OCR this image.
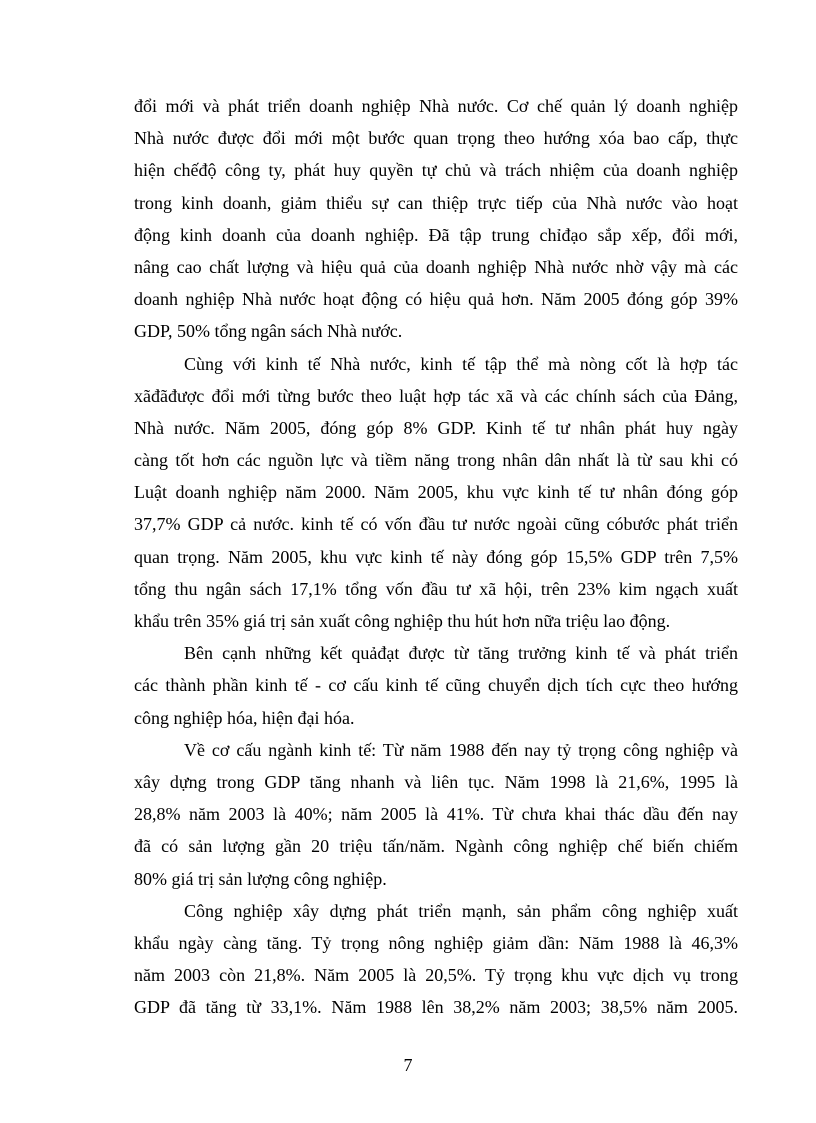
đổi mới và phát triển doanh nghiệp Nhà nước. Cơ chế quản lý doanh nghiệp
Nhà nước được đổi mới một bước quan trọng theo hướng xóa bao cấp, thực
hiện chếđộ công ty, phát huy quyền tự chủ và trách nhiệm của doanh nghiệp
trong kinh doanh, giảm thiểu sự can thiệp trực tiếp của Nhà nước vào hoạt
động kinh doanh của doanh nghiệp. Đã tập trung chỉđạo sắp xếp, đổi mới,
nâng cao chất lượng và hiệu quả của doanh nghiệp Nhà nước nhờ vậy mà các
doanh nghiệp Nhà nước hoạt động có hiệu quả hơn. Năm 2005 đóng góp 39%
GDP, 50% tổng ngân sách Nhà nước.
Cùng với kinh tế Nhà nước, kinh tế tập thể mà nòng cốt là hợp tác
xãđãđược đổi mới từng bước theo luật hợp tác xã và các chính sách của Đảng,
Nhà nước. Năm 2005, đóng góp 8% GDP. Kinh tế tư nhân phát huy ngày
càng tốt hơn các nguồn lực và tiềm năng trong nhân dân nhất là từ sau khi có
Luật doanh nghiệp năm 2000. Năm 2005, khu vực kinh tế tư nhân đóng góp
37,7% GDP cả nước. kinh tế có vốn đầu tư nước ngoài cũng cóbước phát triển
quan trọng. Năm 2005, khu vực kinh tế này đóng góp 15,5% GDP trên 7,5%
tổng thu ngân sách 17,1% tổng vốn đầu tư xã hội, trên 23% kim ngạch xuất
khẩu trên 35% giá trị sản xuất công nghiệp thu hút hơn nữa triệu lao động.
Bên cạnh những kết quảđạt được từ tăng trưởng kinh tế và phát triển
các thành phần kinh tế - cơ cấu kinh tế cũng chuyển dịch tích cực theo hướng
công nghiệp hóa, hiện đại hóa.
Về cơ cấu ngành kinh tế: Từ năm 1988 đến nay tỷ trọng công nghiệp và
xây dựng trong GDP tăng nhanh và liên tục. Năm 1998 là 21,6%, 1995 là
28,8% năm 2003 là 40%; năm 2005 là 41%. Từ chưa khai thác dầu đến nay
đã có sản lượng gần 20 triệu tấn/năm. Ngành công nghiệp chế biến chiếm
80% giá trị sản lượng công nghiệp.
Công nghiệp xây dựng phát triển mạnh, sản phẩm công nghiệp xuất
khẩu ngày càng tăng. Tỷ trọng nông nghiệp giảm dần: Năm 1988 là 46,3%
năm 2003 còn 21,8%. Năm 2005 là 20,5%. Tỷ trọng khu vực dịch vụ trong
GDP đã tăng từ 33,1%. Năm 1988 lên 38,2% năm 2003; 38,5% năm 2005.
7
